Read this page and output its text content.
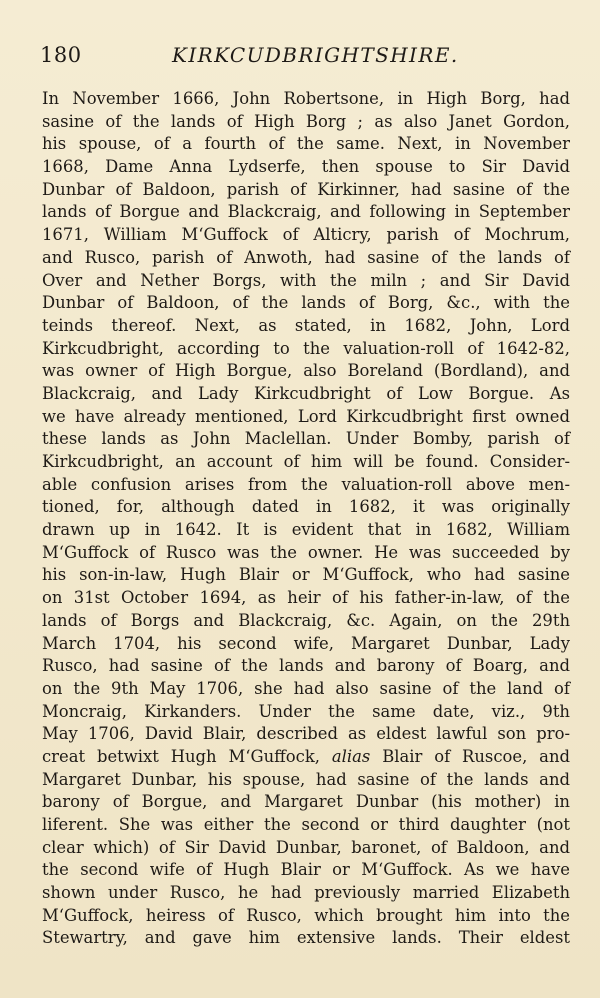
180	KIRKCUDBRIGHTSHIRE.
In November 1666, John Robertsone, in High Borg, had
sasine of the lands of High Borg ; as also Janet Gordon,
his spouse, of a fourth of the same. Next, in November
1668, Dame Anna Lydserfe, then spouse to Sir David
Dunbar of Baldoon, parish of Kirkinner, had sasine of the
lands of Borgue and Blackcraig, and following in September
1671, William M‘Guffock of Alticry, parish of Mochrum,
and Rusco, parish of Anwoth, had sasine of the lands of
Over and Nether Borgs, with the miln ; and Sir David
Dunbar of Baldoon, of the lands of Borg, &c., with the
teinds thereof. Next, as stated, in 1682, John, Lord
Kirkcudbright, according to the valuation-roll of 1642-82,
was owner of High Borgue, also Boreland (Bordland), and
Blackcraig, and Lady Kirkcudbright of Low Borgue. As
we have already mentioned, Lord Kirkcudbright first owned
these lands as John Maclellan. Under Bomby, parish of
Kirkcudbright, an account of him will be found. Consider-
able confusion arises from the valuation-roll above men-
tioned, for, although dated in 1682, it was originally
drawn up in 1642. It is evident that in 1682, William
M‘Guffock of Rusco was the owner. He was succeeded by
his son-in-law, Hugh Blair or M‘Guffock, who had sasine
on 31st October 1694, as heir of his father-in-law, of the
lands of Borgs and Blackcraig, &c. Again, on the 29th
March 1704, his second wife, Margaret Dunbar, Lady
Rusco, had sasine of the lands and barony of Boarg, and
on the 9th May 1706, she had also sasine of the land of
Moncraig, Kirkanders. Under the same date, viz., 9th
May 1706, David Blair, described as eldest lawful son pro-
creat betwixt Hugh M‘Guffock, alias Blair of Ruscoe, and
Margaret Dunbar, his spouse, had sasine of the lands and
barony of Borgue, and Margaret Dunbar (his mother) in
liferent. She was either the second or third daughter (not
clear which) of Sir David Dunbar, baronet, of Baldoon, and
the second wife of Hugh Blair or M‘Guffock. As we have
shown under Rusco, he had previously married Elizabeth
M‘Guffock, heiress of Rusco, which brought him into the
Stewartry, and gave him extensive lands. Their eldest
